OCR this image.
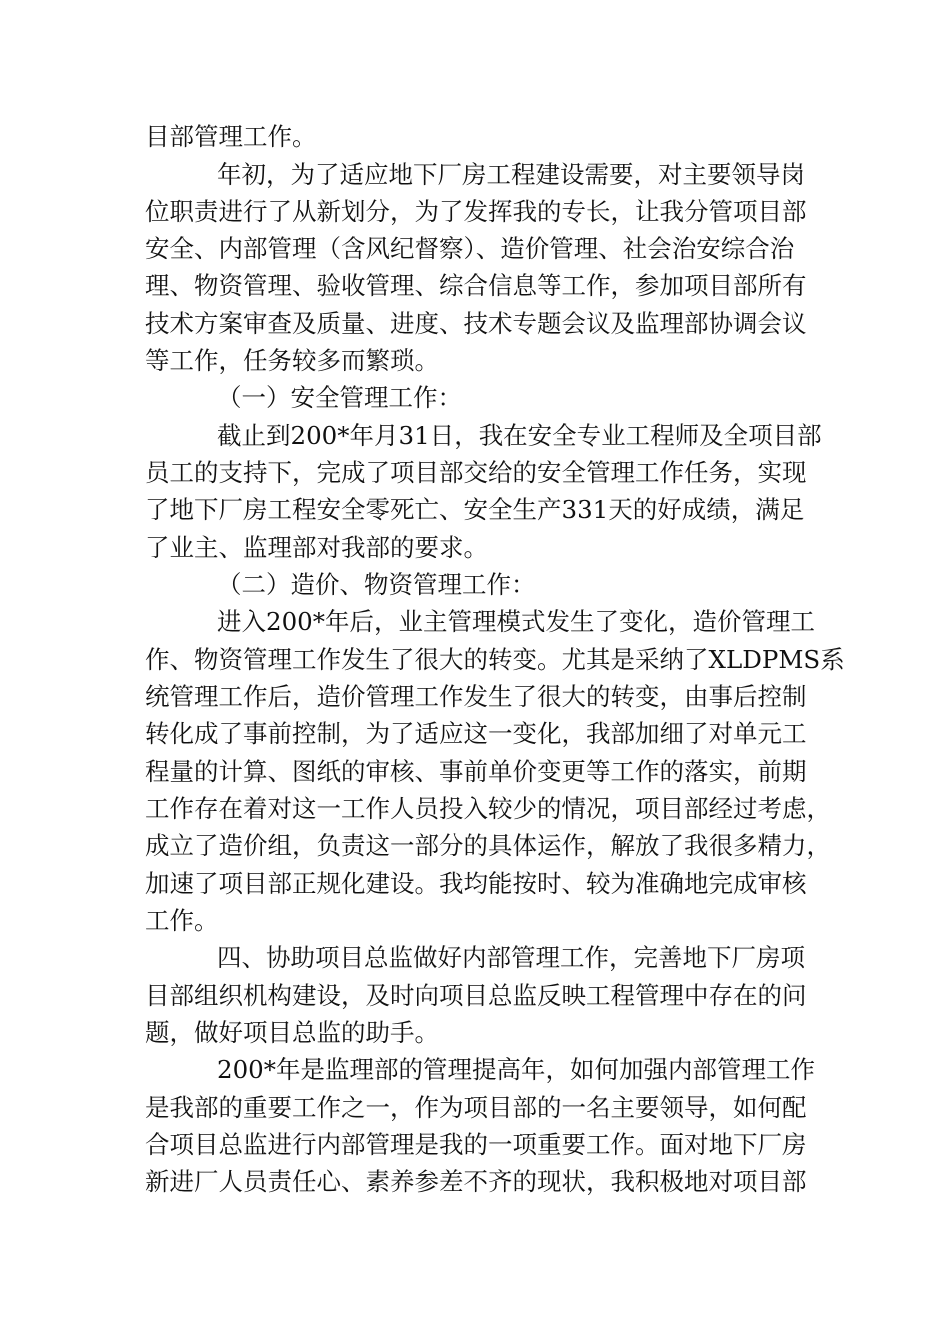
目部管理工作。
年初，为了适应地下厂房工程建设需要，对主要领导岗
位职责进行了从新划分，为了发挥我的专长，让我分管项目部
安全、内部管理（含风纪督察）、造价管理、社会治安综合治
理、物资管理、验收管理、综合信息等工作，参加项目部所有
技术方案审查及质量、进度、技术专题会议及监理部协调会议
等工作，任务较多而繁琐。
（一）安全管理工作：
截止到200*年月31日，我在安全专业工程师及全项目部
员工的支持下，完成了项目部交给的安全管理工作任务，实现
了地下厂房工程安全零死亡、安全生产331天的好成绩，满足
了业主、监理部对我部的要求。
（二）造价、物资管理工作：
进入200*年后，业主管理模式发生了变化，造价管理工
作、物资管理工作发生了很大的转变。尤其是采纳了XLDPMS系
统管理工作后，造价管理工作发生了很大的转变，由事后控制
转化成了事前控制，为了适应这一变化，我部加细了对单元工
程量的计算、图纸的审核、事前单价变更等工作的落实，前期
工作存在着对这一工作人员投入较少的情况，项目部经过考虑，
成立了造价组，负责这一部分的具体运作，解放了我很多精力，
加速了项目部正规化建设。我均能按时、较为准确地完成审核
工作。
四、协助项目总监做好内部管理工作，完善地下厂房项
目部组织机构建设，及时向项目总监反映工程管理中存在的问
题，做好项目总监的助手。
200*年是监理部的管理提高年，如何加强内部管理工作
是我部的重要工作之一，作为项目部的一名主要领导，如何配
合项目总监进行内部管理是我的一项重要工作。面对地下厂房
新进厂人员责任心、素养参差不齐的现状，我积极地对项目部
